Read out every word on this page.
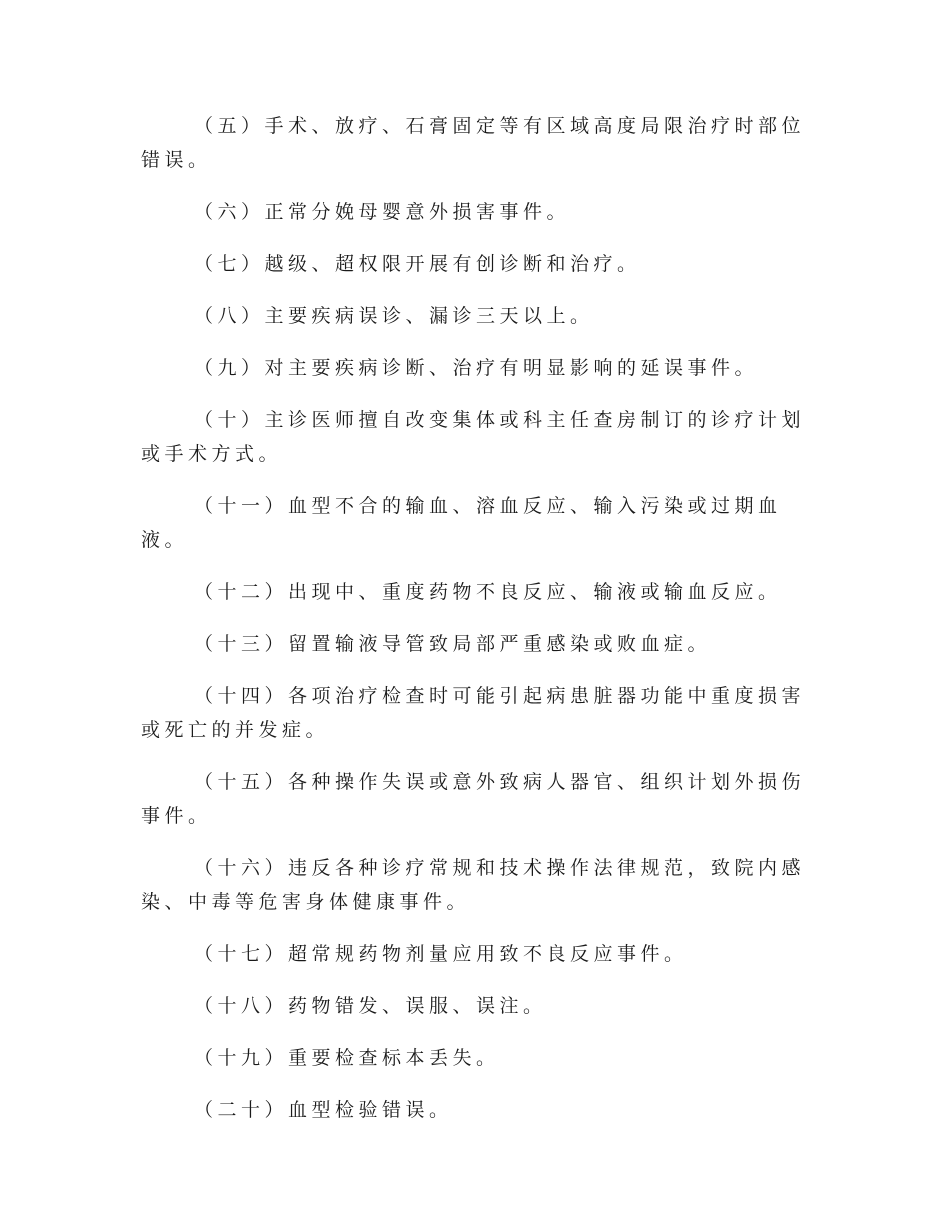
（五）手术、放疗、石膏固定等有区域高度局限治疗时部位错误。

（六）正常分娩母婴意外损害事件。

（七）越级、超权限开展有创诊断和治疗。

（八）主要疾病误诊、漏诊三天以上。

（九）对主要疾病诊断、治疗有明显影响的延误事件。

（十）主诊医师擅自改变集体或科主任查房制订的诊疗计划或手术方式。

（十一）血型不合的输血、溶血反应、输入污染或过期血液。

（十二）出现中、重度药物不良反应、输液或输血反应。

（十三）留置输液导管致局部严重感染或败血症。

（十四）各项治疗检查时可能引起病患脏器功能中重度损害或死亡的并发症。

（十五）各种操作失误或意外致病人器官、组织计划外损伤事件。

（十六）违反各种诊疗常规和技术操作法律规范，致院内感染、中毒等危害身体健康事件。

（十七）超常规药物剂量应用致不良反应事件。

（十八）药物错发、误服、误注。

（十九）重要检查标本丢失。

（二十）血型检验错误。
